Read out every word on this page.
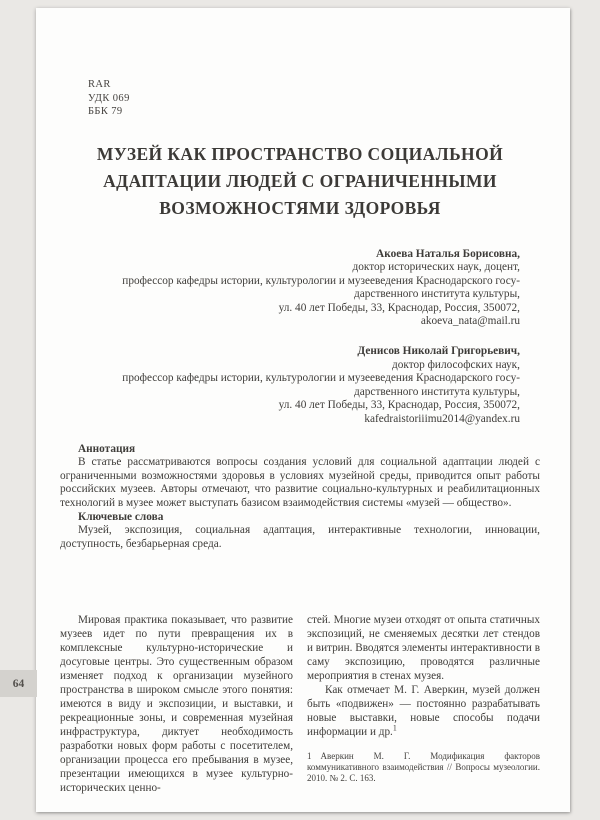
64
RAR
УДК 069
ББК 79
МУЗЕЙ КАК ПРОСТРАНСТВО СОЦИАЛЬНОЙ
АДАПТАЦИИ ЛЮДЕЙ С ОГРАНИЧЕННЫМИ
ВОЗМОЖНОСТЯМИ ЗДОРОВЬЯ
Акоева Наталья Борисовна,
доктор исторических наук, доцент,
профессор кафедры истории, культурологии и музееведения Краснодарского госу-
дарственного института культуры,
ул. 40 лет Победы, 33, Краснодар, Россия, 350072,
akoeva_nata@mail.ru
Денисов Николай Григорьевич,
доктор философских наук,
профессор кафедры истории, культурологии и музееведения Краснодарского госу-
дарственного института культуры,
ул. 40 лет Победы, 33, Краснодар, Россия, 350072,
kafedraistoriiimu2014@yandex.ru
Аннотация

В статье рассматриваются вопросы создания условий для социальной адаптации людей с ограниченными возможностями здоровья в условиях музейной среды, приводится опыт работы российских музеев. Авторы отмечают, что развитие социально-культурных и реабилитационных технологий в музее может выступать базисом взаимодействия системы «музей — общество».

Ключевые слова

Музей, экспозиция, социальная адаптация, интерактивные технологии, инновации, доступность, безбарьерная среда.

Мировая практика показывает, что развитие музеев идет по пути превращения их в комплексные культурно-исторические и досуговые центры. Это существенным образом изменяет подход к организации музейного пространства в широком смысле этого понятия: имеются в виду и экспозиции, и выставки, и рекреационные зоны, и современная музейная инфраструктура, диктует необходимость разработки новых форм работы с посетителем, организации процесса его пребывания в музее, презентации имеющихся в музее культурно-исторических ценно-

стей. Многие музеи отходят от опыта статичных экспозиций, не сменяемых десятки лет стендов и витрин. Вводятся элементы интерактивности в саму экспозицию, проводятся различные мероприятия в стенах музея.

Как отмечает М. Г. Аверкин, музей должен быть «подвижен» — постоянно разрабатывать новые выставки, новые способы подачи информации и др.$^1$

1 Аверкин М. Г. Модификация факторов коммуникативного взаимодействия // Вопросы музеологии. 2010. № 2. С. 163.
